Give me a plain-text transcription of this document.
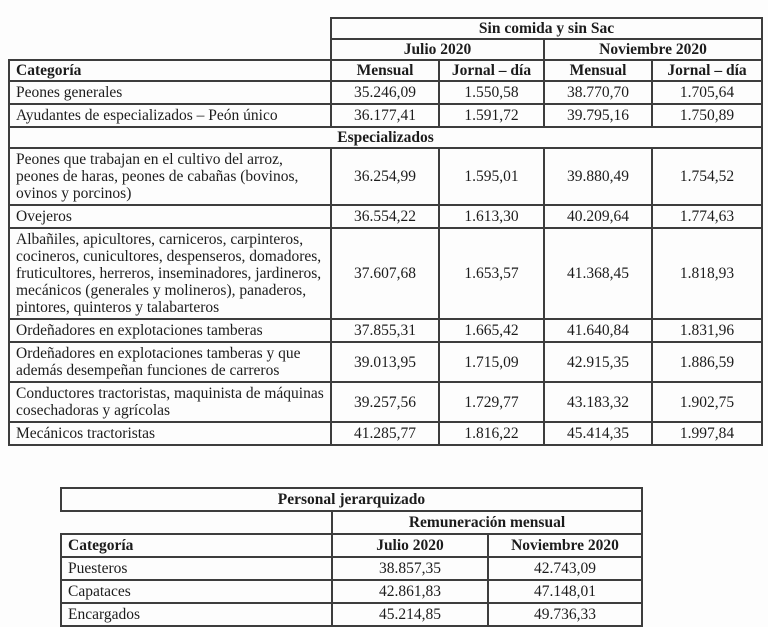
	Sin comida y sin Sac			
	Julio 2020		Noviembre 2020	
Categoría	Mensual	Jornal – día	Mensual	Jornal – día
Peones generales	35.246,09	1.550,58	38.770,70	1.705,64
Ayudantes de especializados – Peón único	36.177,41	1.591,72	39.795,16	1.750,89
Especializados				
Peones que trabajan en el cultivo del arroz, peones de haras, peones de cabañas (bovinos, ovinos y porcinos)	36.254,99	1.595,01	39.880,49	1.754,52
Ovejeros	36.554,22	1.613,30	40.209,64	1.774,63
Albañiles, apicultores, carniceros, carpinteros, cocineros, cunicultores, despenseros, domadores, fruticultores, herreros, inseminadores, jardineros, mecánicos (generales y molineros), panaderos, pintores, quinteros y talabarteros	37.607,68	1.653,57	41.368,45	1.818,93
Ordeñadores en explotaciones tamberas	37.855,31	1.665,42	41.640,84	1.831,96
Ordeñadores en explotaciones tamberas y que además desempeñan funciones de carreros	39.013,95	1.715,09	42.915,35	1.886,59
Conductores tractoristas, maquinista de máquinas cosechadoras y agrícolas	39.257,56	1.729,77	43.183,32	1.902,75
Mecánicos tractoristas	41.285,77	1.816,22	45.414,35	1.997,84
Personal jerarquizado		
	Remuneración mensual	
Categoría	Julio 2020	Noviembre 2020
Puesteros	38.857,35	42.743,09
Capataces	42.861,83	47.148,01
Encargados	45.214,85	49.736,33
